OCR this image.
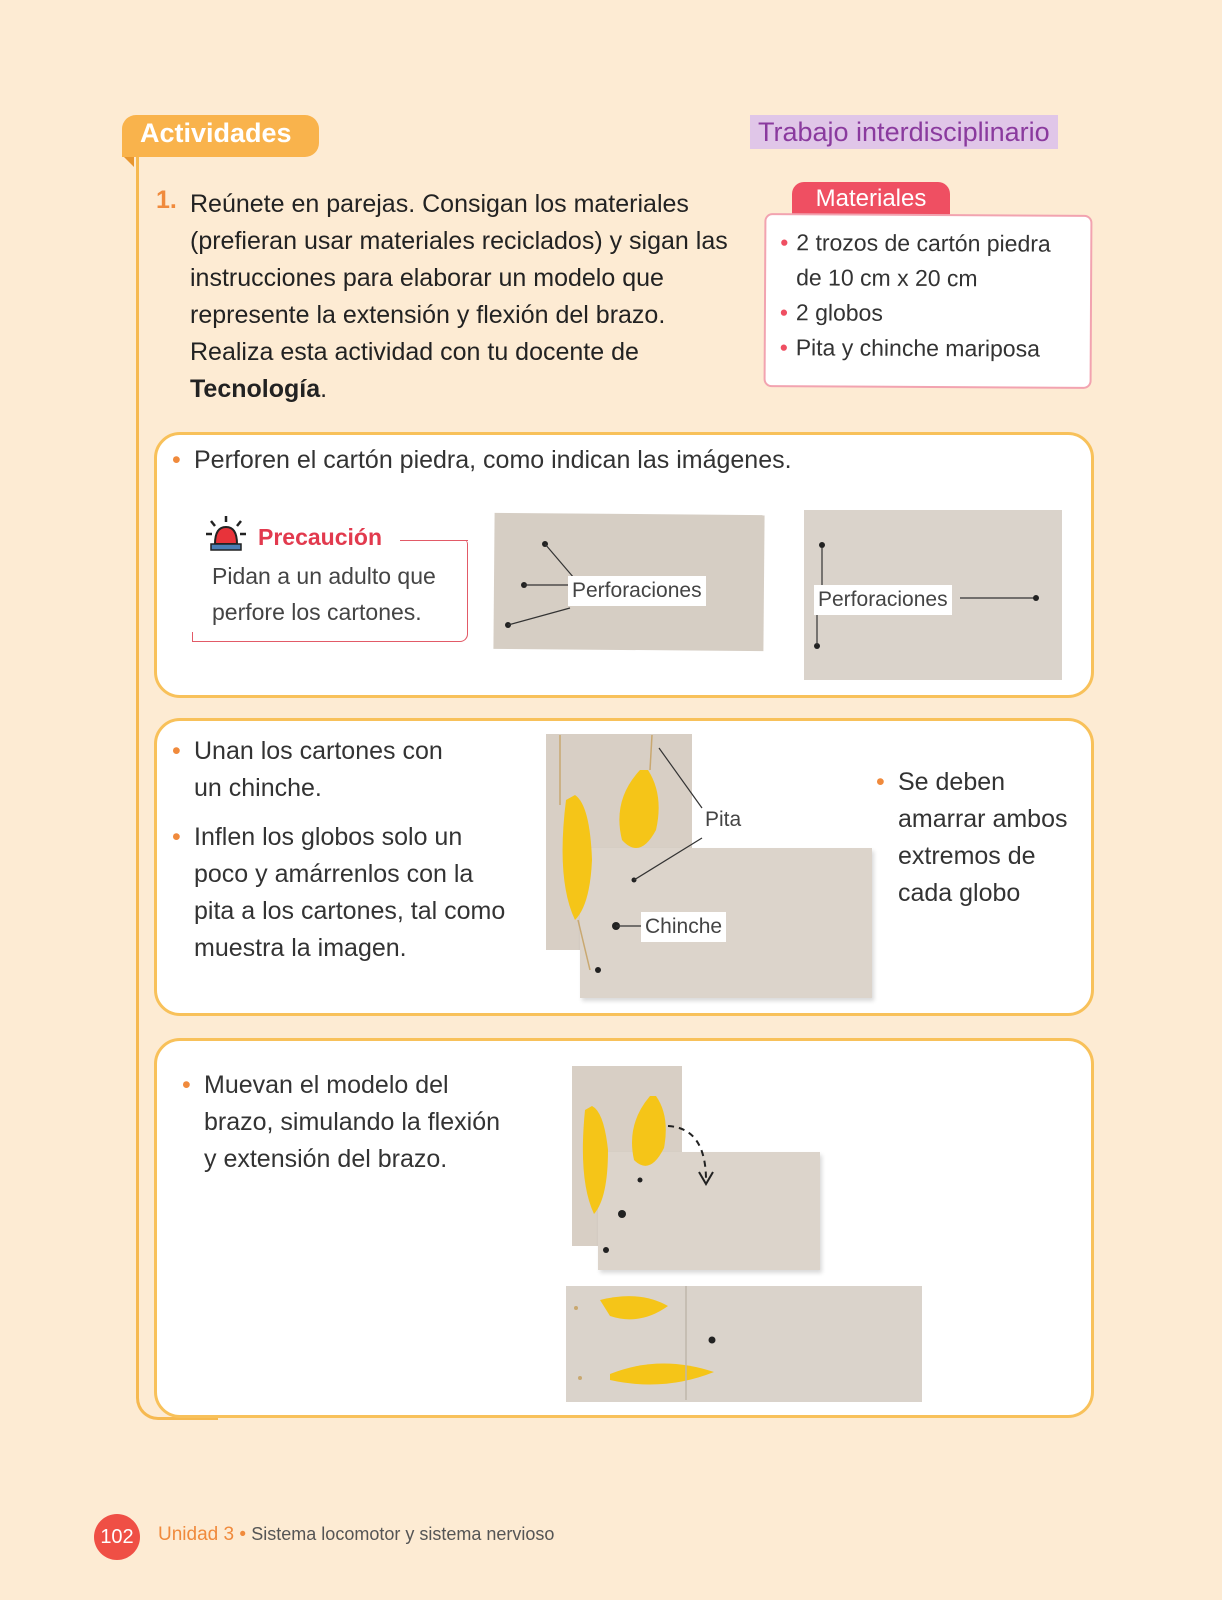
Actividades	Trabajo interdisciplinario
1. Reúnete en parejas. Consigan los materiales (prefieran usar materiales reciclados) y sigan las instrucciones para elaborar un modelo que represente la extensión y flexión del brazo. Realiza esta actividad con tu docente de Tecnología.
Materiales
• 2 trozos de cartón piedra de 10 cm x 20 cm
• 2 globos
• Pita y chinche mariposa
• Perforen el cartón piedra, como indican las imágenes.
Precaución
Pidan a un adulto que perfore los cartones.
Perforaciones	Perforaciones
• Unan los cartones con un chinche.
• Inflen los globos solo un poco y amárrenlos con la pita a los cartones, tal como muestra la imagen.
Pita
Chinche
• Se deben amarrar ambos extremos de cada globo
• Muevan el modelo del brazo, simulando la flexión y extensión del brazo.
102	Unidad 3 • Sistema locomotor y sistema nervioso
